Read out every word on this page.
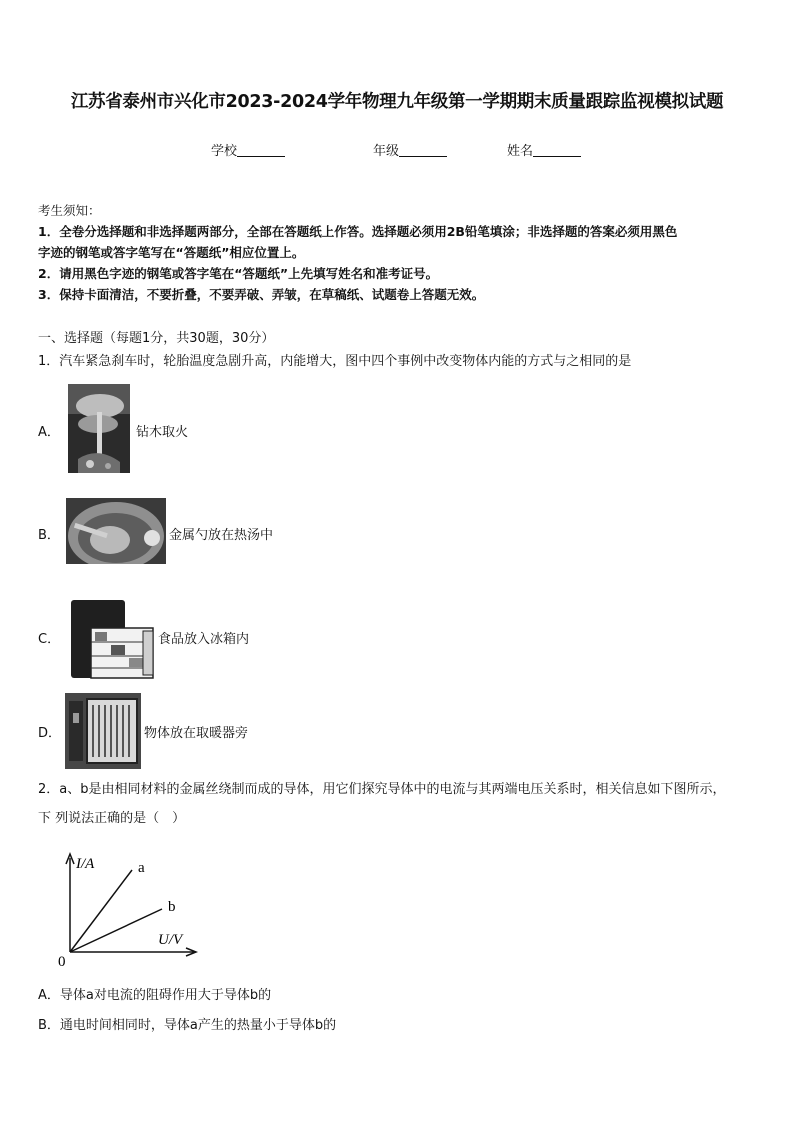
江苏省泰州市兴化市2023-2024学年物理九年级第一学期期末质量跟踪监视模拟试题
学校	年级	姓名
考生须知：
1．全卷分选择题和非选择题两部分，全部在答题纸上作答。选择题必须用2B铅笔填涂；非选择题的答案必须用黑色
字迹的钢笔或答字笔写在“答题纸”相应位置上。
2．请用黑色字迹的钢笔或答字笔在“答题纸”上先填写姓名和准考证号。
3．保持卡面清洁，不要折叠，不要弄破、弄皱，在草稿纸、试题卷上答题无效。
一、选择题（每题1分，共30题，30分）
1．汽车紧急刹车时，轮胎温度急剧升高，内能增大，图中四个事例中改变物体内能的方式与之相同的是
A．	钻木取火
B．	金属勺放在热汤中
C．	食品放入冰箱内
D．	物体放在取暖器旁
2．a、b是由相同材料的金属丝绕制而成的导体，用它们探究导体中的电流与其两端电压关系时，相关信息如下图所示，
下 列说法正确的是（　）
I/A	a
b
U/V
0
A．导体a对电流的阻碍作用大于导体b的
B．通电时间相同时，导体a产生的热量小于导体b的
